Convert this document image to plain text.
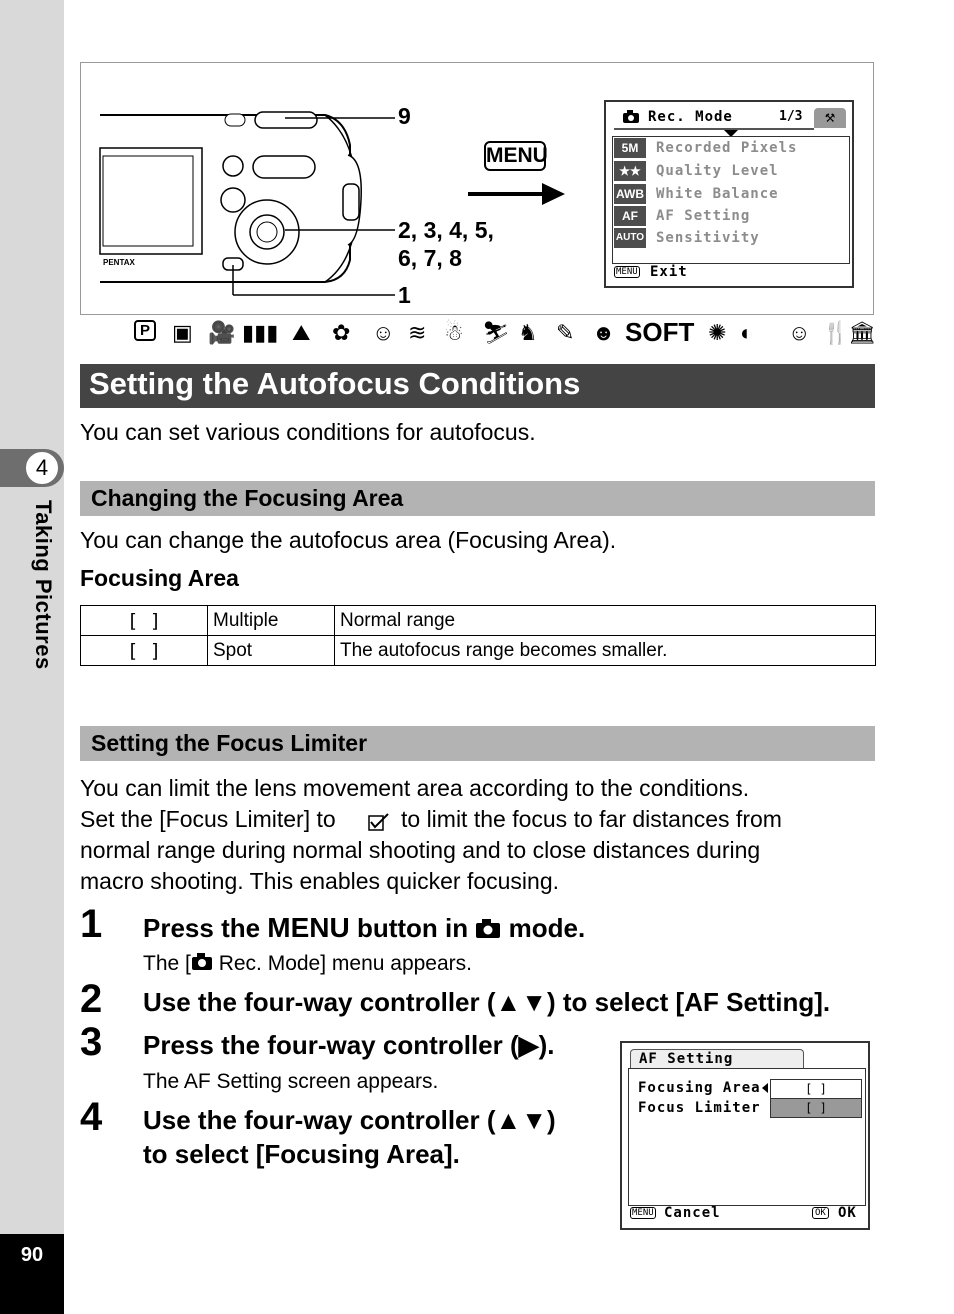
4
Taking Pictures
90
PENTAX
9
2, 3, 4, 5,
6, 7, 8
1
MENU
Rec. Mode	1/3	⚒
5M	Recorded Pixels
★★	Quality Level
AWB White Balance
AF	AF Setting
AUTO Sensitivity
MENU Exit
P ▣ 🎥 ▮▮▮ ⛰ ✿ ☺ ≋ ☃ ⛷ ♞ ✎ ☻ SOFT ✺ ◐ ☺ 🍴
🏛
Setting the Autofocus Conditions
You can set various conditions for autofocus.
Changing the Focusing Area
You can change the autofocus area (Focusing Area).
Focusing Area
[ ]	Multiple	Normal range
[ ]	Spot	The autofocus range becomes smaller.
Setting the Focus Limiter
You can limit the lens movement area according to the conditions.
Set the [Focus Limiter] to	to limit the focus to far distances from
normal range during normal shooting and to close distances during
macro shooting. This enables quicker focusing.
1 Press the MENU button in  mode.
The [ Rec. Mode] menu appears.
2 Use the four-way controller (▲▼) to select [AF Setting].
3 Press the four-way controller (▶).
The AF Setting screen appears.
4 Use the four-way controller (▲▼)
to select [Focusing Area].
AF Setting
Focusing Area	[ ]
Focus Limiter	[ ]
MENU Cancel	OK OK
